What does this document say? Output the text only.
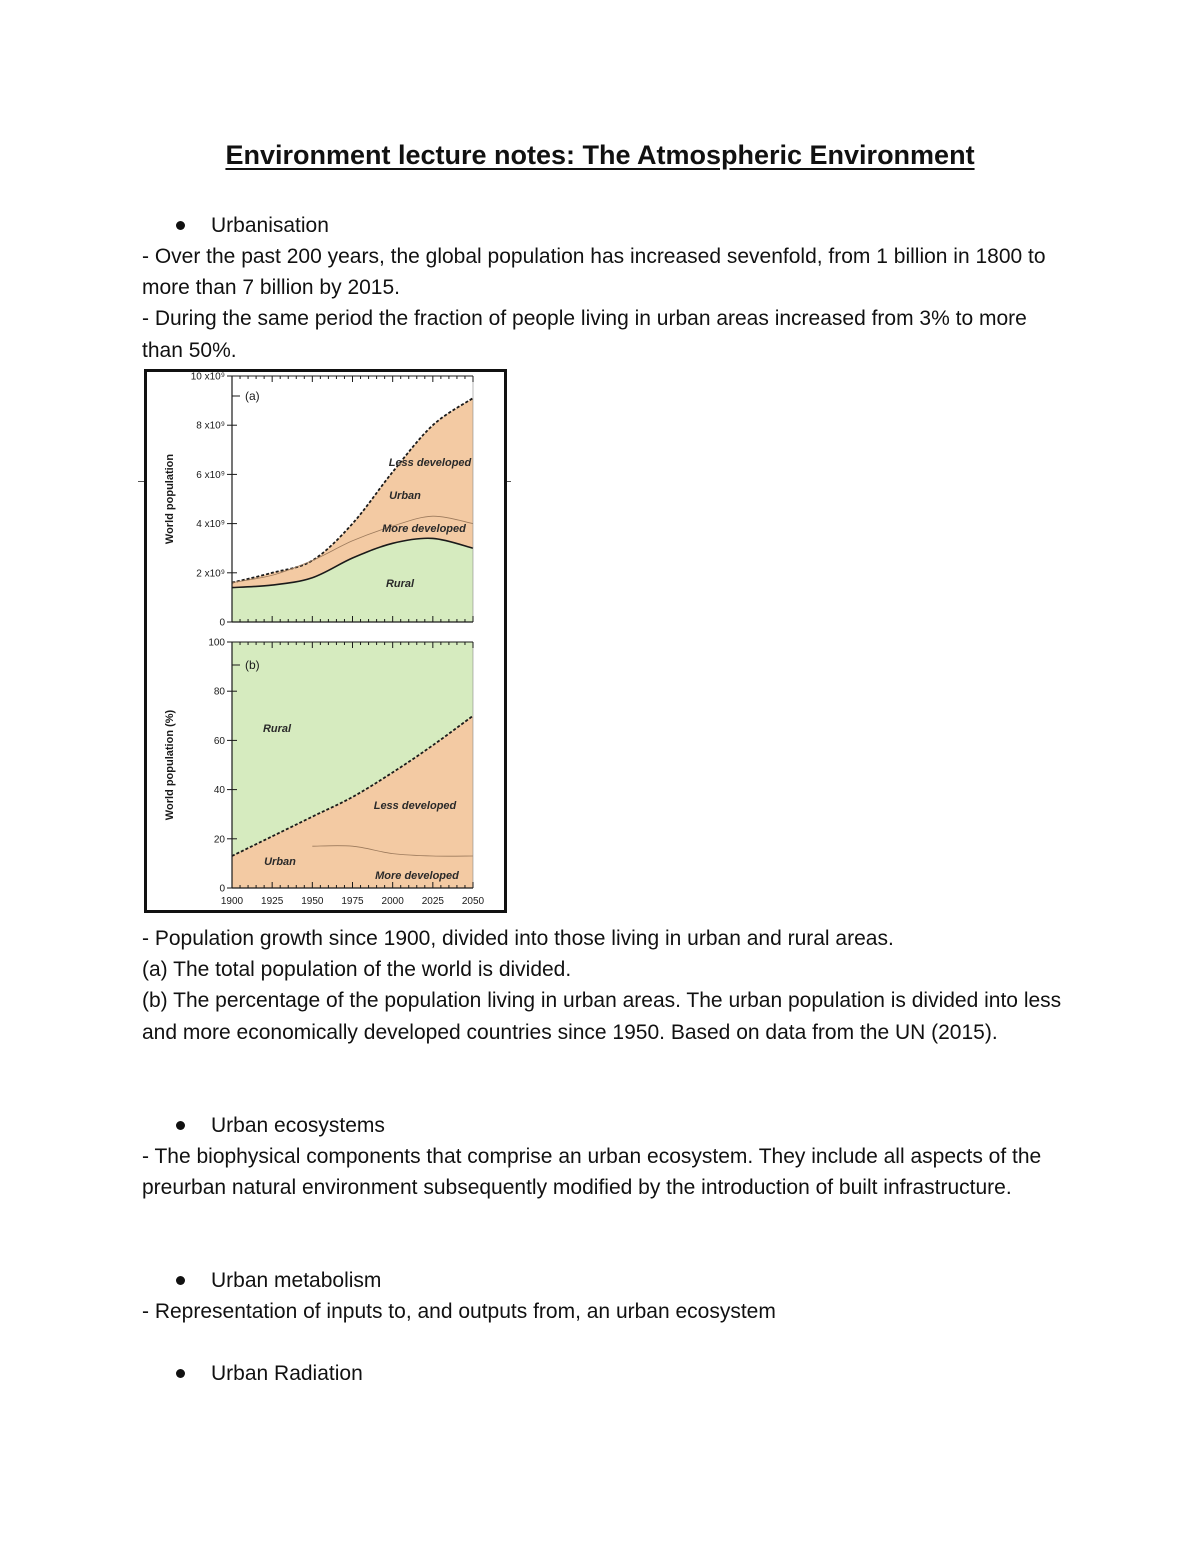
Environment lecture notes: The Atmospheric Environment
Urbanisation

- Over the past 200 years, the global population has increased sevenfold, from 1 billion in 1800 to more than 7 billion by 2015.

- During the same period the fraction of people living in urban areas increased from 3% to more than 50%.

0
2 x10⁹
4 x10⁹
6 x10⁹
8 x10⁹
10 x10⁹
(a)
World population	Less developed
Urban
More developed
Rural
0
20
40
60
80
100
(b)
World population (%)	Rural
Less developed
Urban
More developed
1900 1925 1950 1975 2000 2025 2050

- Population growth since 1900, divided into those living in urban and rural areas.

(a) The total population of the world is divided.

(b) The percentage of the population living in urban areas. The urban population is divided into less and more economically developed countries since 1950. Based on data from the UN (2015).

Urban ecosystems

- The biophysical components that comprise an urban ecosystem. They include all aspects of the preurban natural environment subsequently modified by the introduction of built infrastructure.

Urban metabolism

- Representation of inputs to, and outputs from, an urban ecosystem

Urban Radiation
